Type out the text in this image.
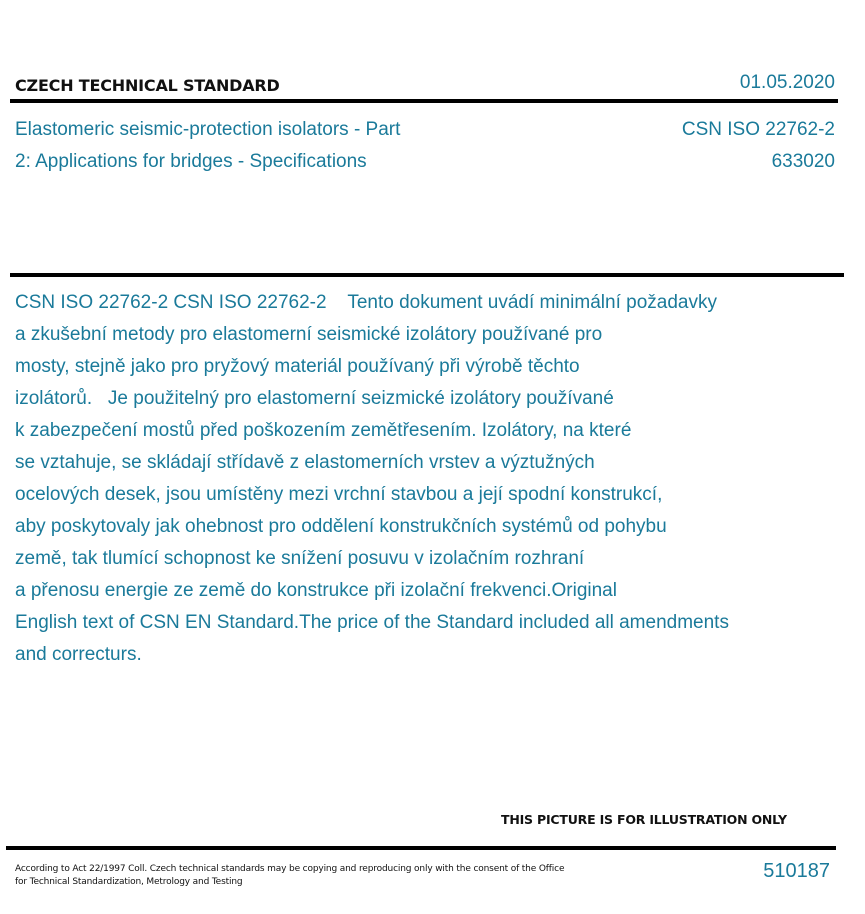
CZECH TECHNICAL STANDARD	01.05.2020
Elastomeric seismic-protection isolators - Part
2: Applications for bridges - Specifications
CSN ISO 22762-2
633020
CSN ISO 22762-2 CSN ISO 22762-2    Tento dokument uvádí minimální požadavky
a zkušební metody pro elastomerní seismické izolátory používané pro
mosty, stejně jako pro pryžový materiál používaný při výrobě těchto
izolátorů.   Je použitelný pro elastomerní seizmické izolátory používané
k zabezpečení mostů před poškozením zemětřesením. Izolátory, na které
se vztahuje, se skládají střídavě z elastomerních vrstev a výztužných
ocelových desek, jsou umístěny mezi vrchní stavbou a její spodní konstrukcí,
aby poskytovaly jak ohebnost pro oddělení konstrukčních systémů od pohybu
země, tak tlumící schopnost ke snížení posuvu v izolačním rozhraní
a přenosu energie ze země do konstrukce při izolační frekvenci.Original
English text of CSN EN Standard.The price of the Standard included all amendments
and correcturs.
THIS PICTURE IS FOR ILLUSTRATION ONLY
According to Act 22/1997 Coll. Czech technical standards may be copying and reproducing only with the consent of the Office
for Technical Standardization, Metrology and Testing	510187
